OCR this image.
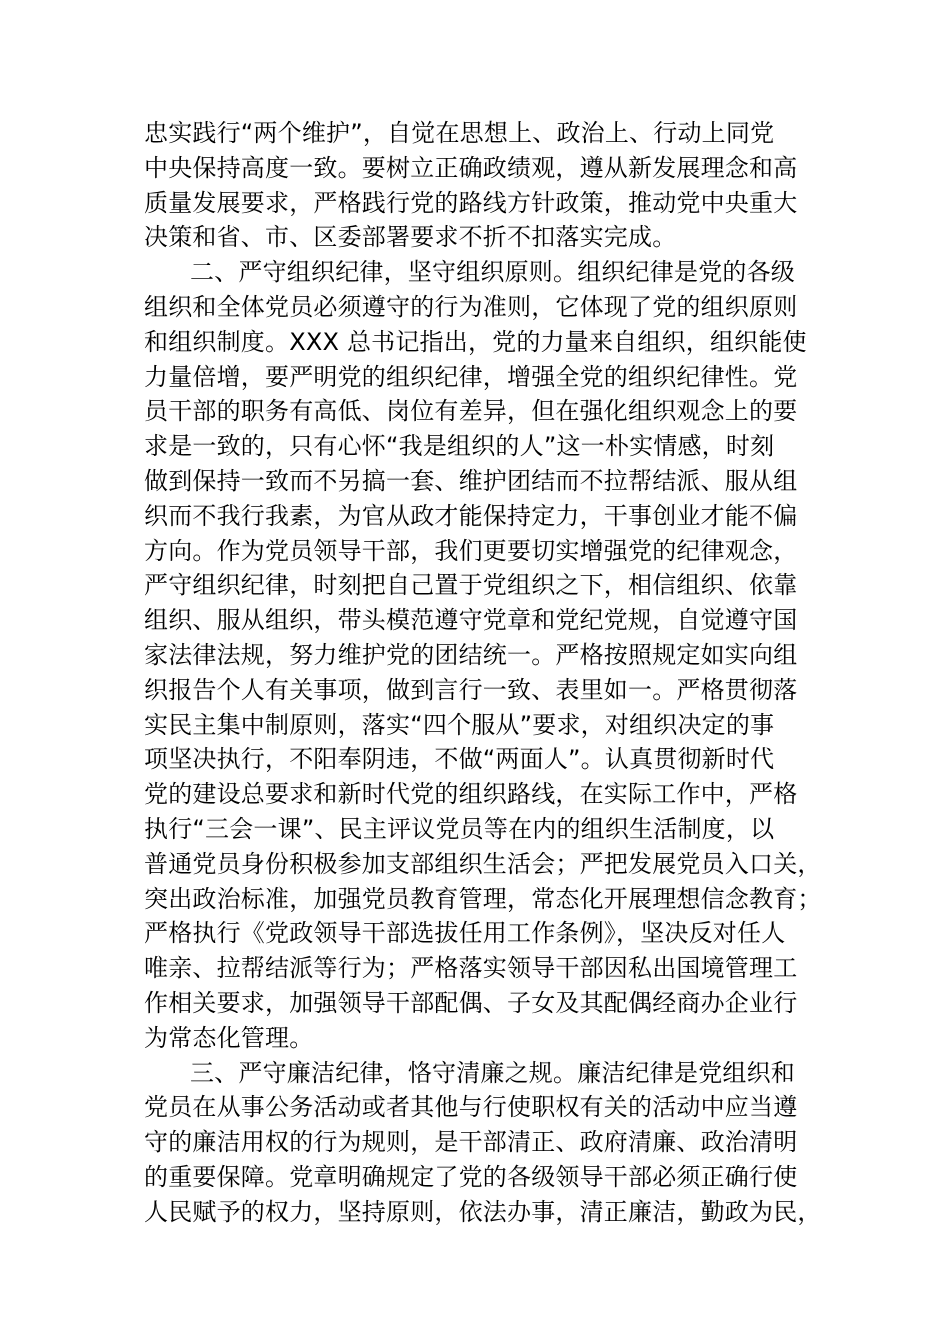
忠实践行“两个维护”，自觉在思想上、政治上、行动上同党
中央保持高度一致。要树立正确政绩观，遵从新发展理念和高
质量发展要求，严格践行党的路线方针政策，推动党中央重大
决策和省、市、区委部署要求不折不扣落实完成。
二、严守组织纪律，坚守组织原则。组织纪律是党的各级
组织和全体党员必须遵守的行为准则，它体现了党的组织原则
和组织制度。XXX 总书记指出，党的力量来自组织，组织能使
力量倍增，要严明党的组织纪律，增强全党的组织纪律性。党
员干部的职务有高低、岗位有差异，但在强化组织观念上的要
求是一致的，只有心怀“我是组织的人”这一朴实情感，时刻
做到保持一致而不另搞一套、维护团结而不拉帮结派、服从组
织而不我行我素，为官从政才能保持定力，干事创业才能不偏
方向。作为党员领导干部，我们更要切实增强党的纪律观念，
严守组织纪律，时刻把自己置于党组织之下，相信组织、依靠
组织、服从组织，带头模范遵守党章和党纪党规，自觉遵守国
家法律法规，努力维护党的团结统一。严格按照规定如实向组
织报告个人有关事项，做到言行一致、表里如一。严格贯彻落
实民主集中制原则，落实“四个服从”要求，对组织决定的事
项坚决执行，不阳奉阴违，不做“两面人”。认真贯彻新时代
党的建设总要求和新时代党的组织路线，在实际工作中，严格
执行“三会一课”、民主评议党员等在内的组织生活制度，以
普通党员身份积极参加支部组织生活会；严把发展党员入口关，
突出政治标准，加强党员教育管理，常态化开展理想信念教育；
严格执行《党政领导干部选拔任用工作条例》，坚决反对任人
唯亲、拉帮结派等行为；严格落实领导干部因私出国境管理工
作相关要求，加强领导干部配偶、子女及其配偶经商办企业行
为常态化管理。
三、严守廉洁纪律，恪守清廉之规。廉洁纪律是党组织和
党员在从事公务活动或者其他与行使职权有关的活动中应当遵
守的廉洁用权的行为规则，是干部清正、政府清廉、政治清明
的重要保障。党章明确规定了党的各级领导干部必须正确行使
人民赋予的权力，坚持原则，依法办事，清正廉洁，勤政为民，
